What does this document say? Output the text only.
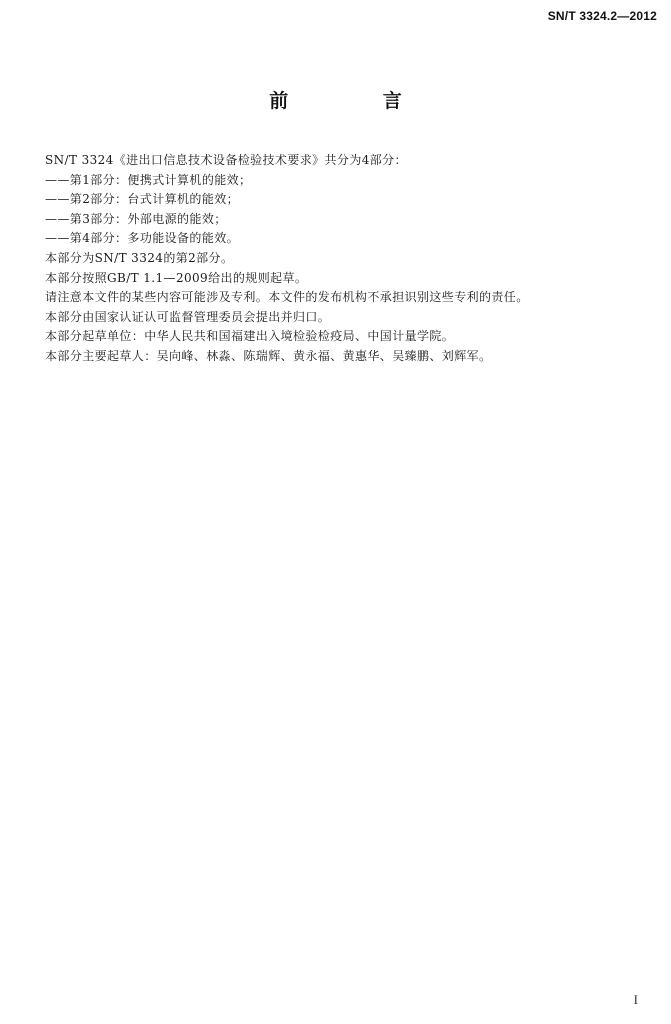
SN/T 3324.2—2012
前 言

SN/T 3324《进出口信息技术设备检验技术要求》共分为4部分：

——第1部分：便携式计算机的能效；

——第2部分：台式计算机的能效；

——第3部分：外部电源的能效；

——第4部分：多功能设备的能效。

本部分为SN/T 3324的第2部分。

本部分按照GB/T 1.1—2009给出的规则起草。

请注意本文件的某些内容可能涉及专利。本文件的发布机构不承担识别这些专利的责任。

本部分由国家认证认可监督管理委员会提出并归口。

本部分起草单位：中华人民共和国福建出入境检验检疫局、中国计量学院。

本部分主要起草人：吴向峰、林淼、陈瑞辉、黄永福、黄惠华、吴臻鹏、刘辉军。

I
